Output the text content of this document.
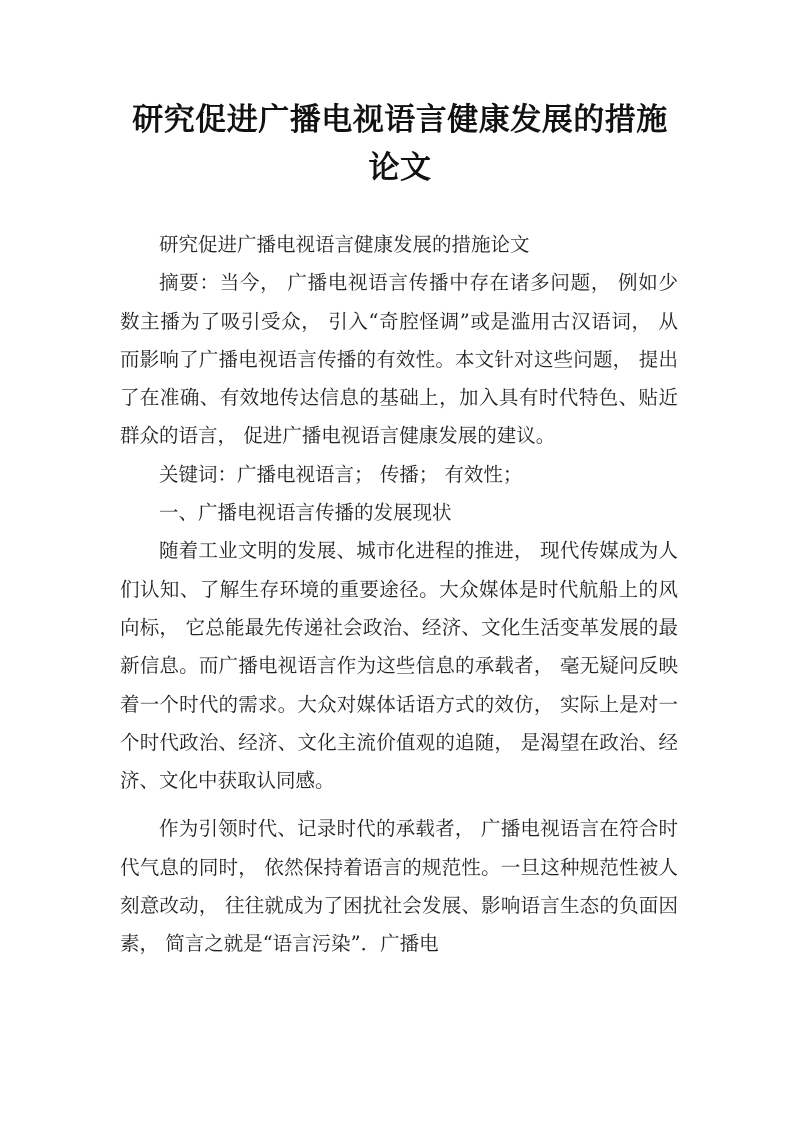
研究促进广播电视语言健康发展的措施论文

研究促进广播电视语言健康发展的措施论文

摘要：当今， 广播电视语言传播中存在诸多问题， 例如少数主播为了吸引受众， 引入“奇腔怪调”或是滥用古汉语词， 从而影响了广播电视语言传播的有效性。本文针对这些问题， 提出了在准确、有效地传达信息的基础上，加入具有时代特色、贴近群众的语言， 促进广播电视语言健康发展的建议。

关键词：广播电视语言； 传播； 有效性；

一、广播电视语言传播的发展现状

随着工业文明的发展、城市化进程的推进， 现代传媒成为人们认知、了解生存环境的重要途径。大众媒体是时代航船上的风向标， 它总能最先传递社会政治、经济、文化生活变革发展的最新信息。而广播电视语言作为这些信息的承载者， 毫无疑问反映着一个时代的需求。大众对媒体话语方式的效仿， 实际上是对一个时代政治、经济、文化主流价值观的追随， 是渴望在政治、经济、文化中获取认同感。

作为引领时代、记录时代的承载者， 广播电视语言在符合时代气息的同时， 依然保持着语言的规范性。一旦这种规范性被人刻意改动， 往往就成为了困扰社会发展、影响语言生态的负面因素， 简言之就是“语言污染”．广播电
